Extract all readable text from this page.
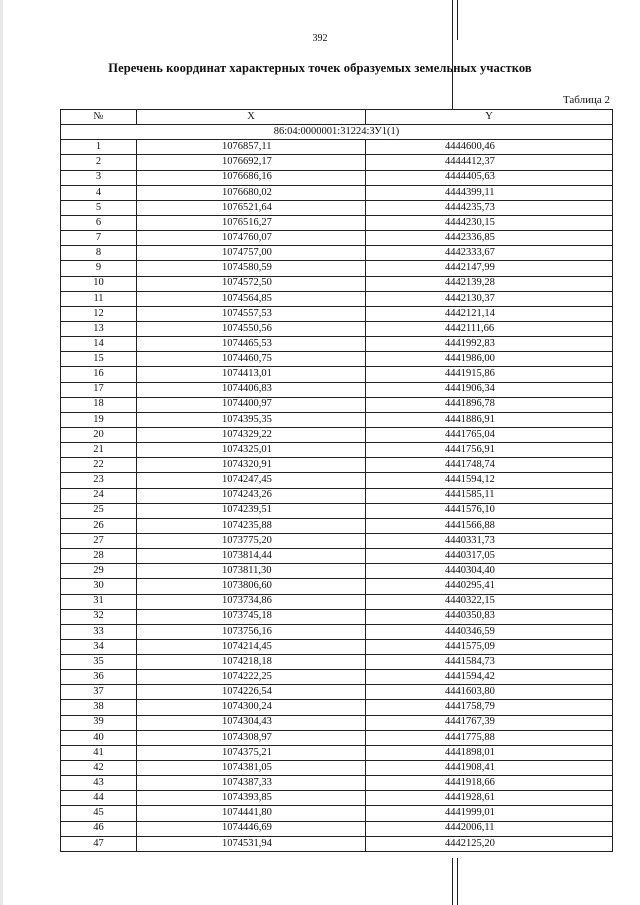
392
Перечень координат характерных точек образуемых земельных участков
Таблица 2
№	X	Y
86:04:0000001:31224:ЗУ1(1)		
1	1076857,11	4444600,46
2	1076692,17	4444412,37
3	1076686,16	4444405,63
4	1076680,02	4444399,11
5	1076521,64	4444235,73
6	1076516,27	4444230,15
7	1074760,07	4442336,85
8	1074757,00	4442333,67
9	1074580,59	4442147,99
10	1074572,50	4442139,28
11	1074564,85	4442130,37
12	1074557,53	4442121,14
13	1074550,56	4442111,66
14	1074465,53	4441992,83
15	1074460,75	4441986,00
16	1074413,01	4441915,86
17	1074406,83	4441906,34
18	1074400,97	4441896,78
19	1074395,35	4441886,91
20	1074329,22	4441765,04
21	1074325,01	4441756,91
22	1074320,91	4441748,74
23	1074247,45	4441594,12
24	1074243,26	4441585,11
25	1074239,51	4441576,10
26	1074235,88	4441566,88
27	1073775,20	4440331,73
28	1073814,44	4440317,05
29	1073811,30	4440304,40
30	1073806,60	4440295,41
31	1073734,86	4440322,15
32	1073745,18	4440350,83
33	1073756,16	4440346,59
34	1074214,45	4441575,09
35	1074218,18	4441584,73
36	1074222,25	4441594,42
37	1074226,54	4441603,80
38	1074300,24	4441758,79
39	1074304,43	4441767,39
40	1074308,97	4441775,88
41	1074375,21	4441898,01
42	1074381,05	4441908,41
43	1074387,33	4441918,66
44	1074393,85	4441928,61
45	1074441,80	4441999,01
46	1074446,69	4442006,11
47	1074531,94	4442125,20
